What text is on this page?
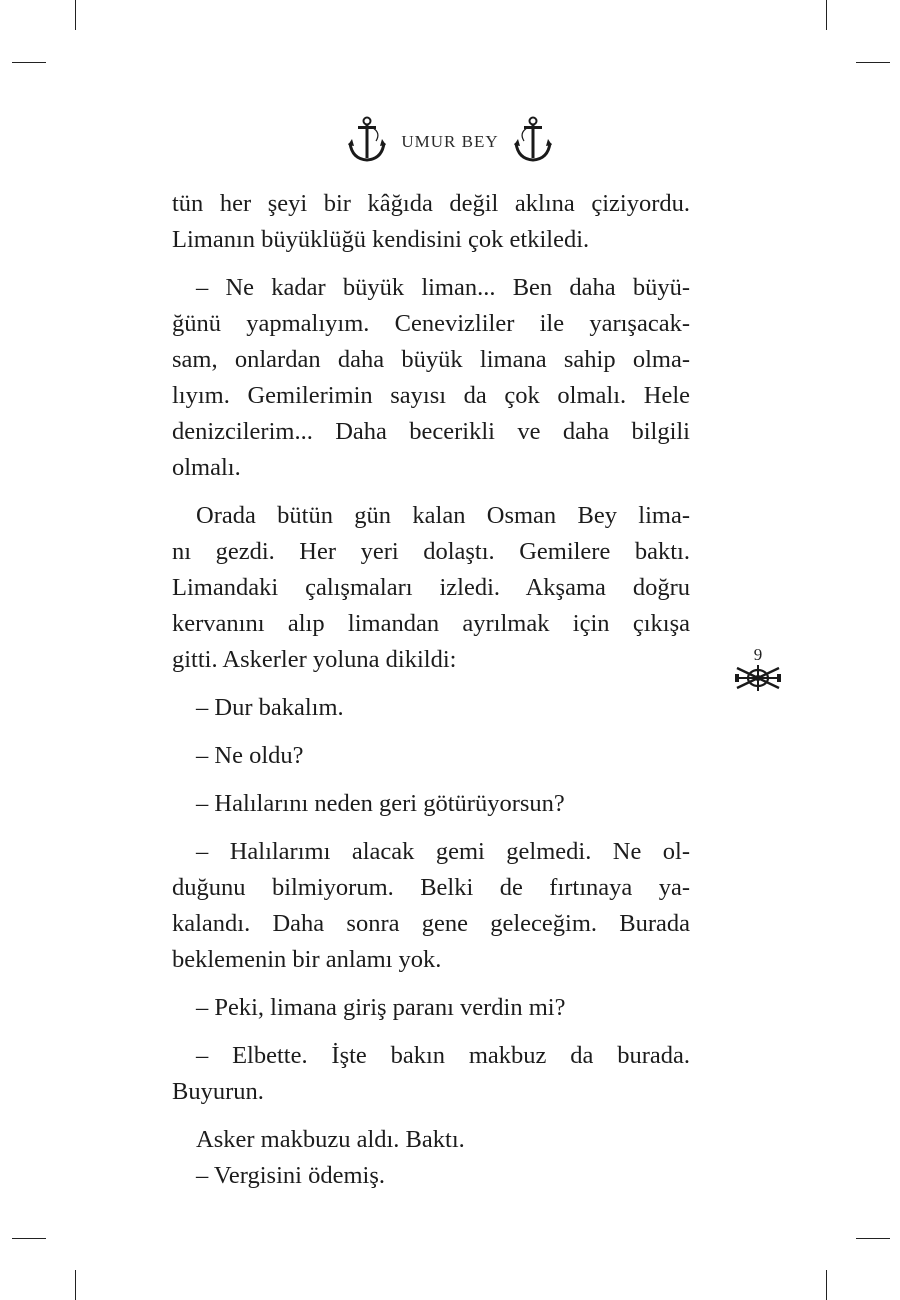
UMUR BEY

tün her şeyi bir kâğıda değil aklına çiziyordu.

Limanın büyüklüğü kendisini çok etkiledi.

– Ne kadar büyük liman... Ben daha büyü-

ğünü yapmalıyım. Cenevizliler ile yarışacak-

sam, onlardan daha büyük limana sahip olma-

lıyım. Gemilerimin sayısı da çok olmalı. Hele

denizcilerim... Daha becerikli ve daha bilgili

olmalı.

Orada bütün gün kalan Osman Bey lima-

nı gezdi. Her yeri dolaştı. Gemilere baktı.

Limandaki çalışmaları izledi. Akşama doğru

kervanını alıp limandan ayrılmak için çıkışa

gitti. Askerler yoluna dikildi:

– Dur bakalım.

– Ne oldu?

– Halılarını neden geri götürüyorsun?

– Halılarımı alacak gemi gelmedi. Ne ol-

duğunu bilmiyorum. Belki de fırtınaya ya-

kalandı. Daha sonra gene geleceğim. Burada

beklemenin bir anlamı yok.

– Peki, limana giriş paranı verdin mi?

– Elbette. İşte bakın makbuz da burada.

Buyurun.

Asker makbuzu aldı. Baktı.

– Vergisini ödemiş.

9
